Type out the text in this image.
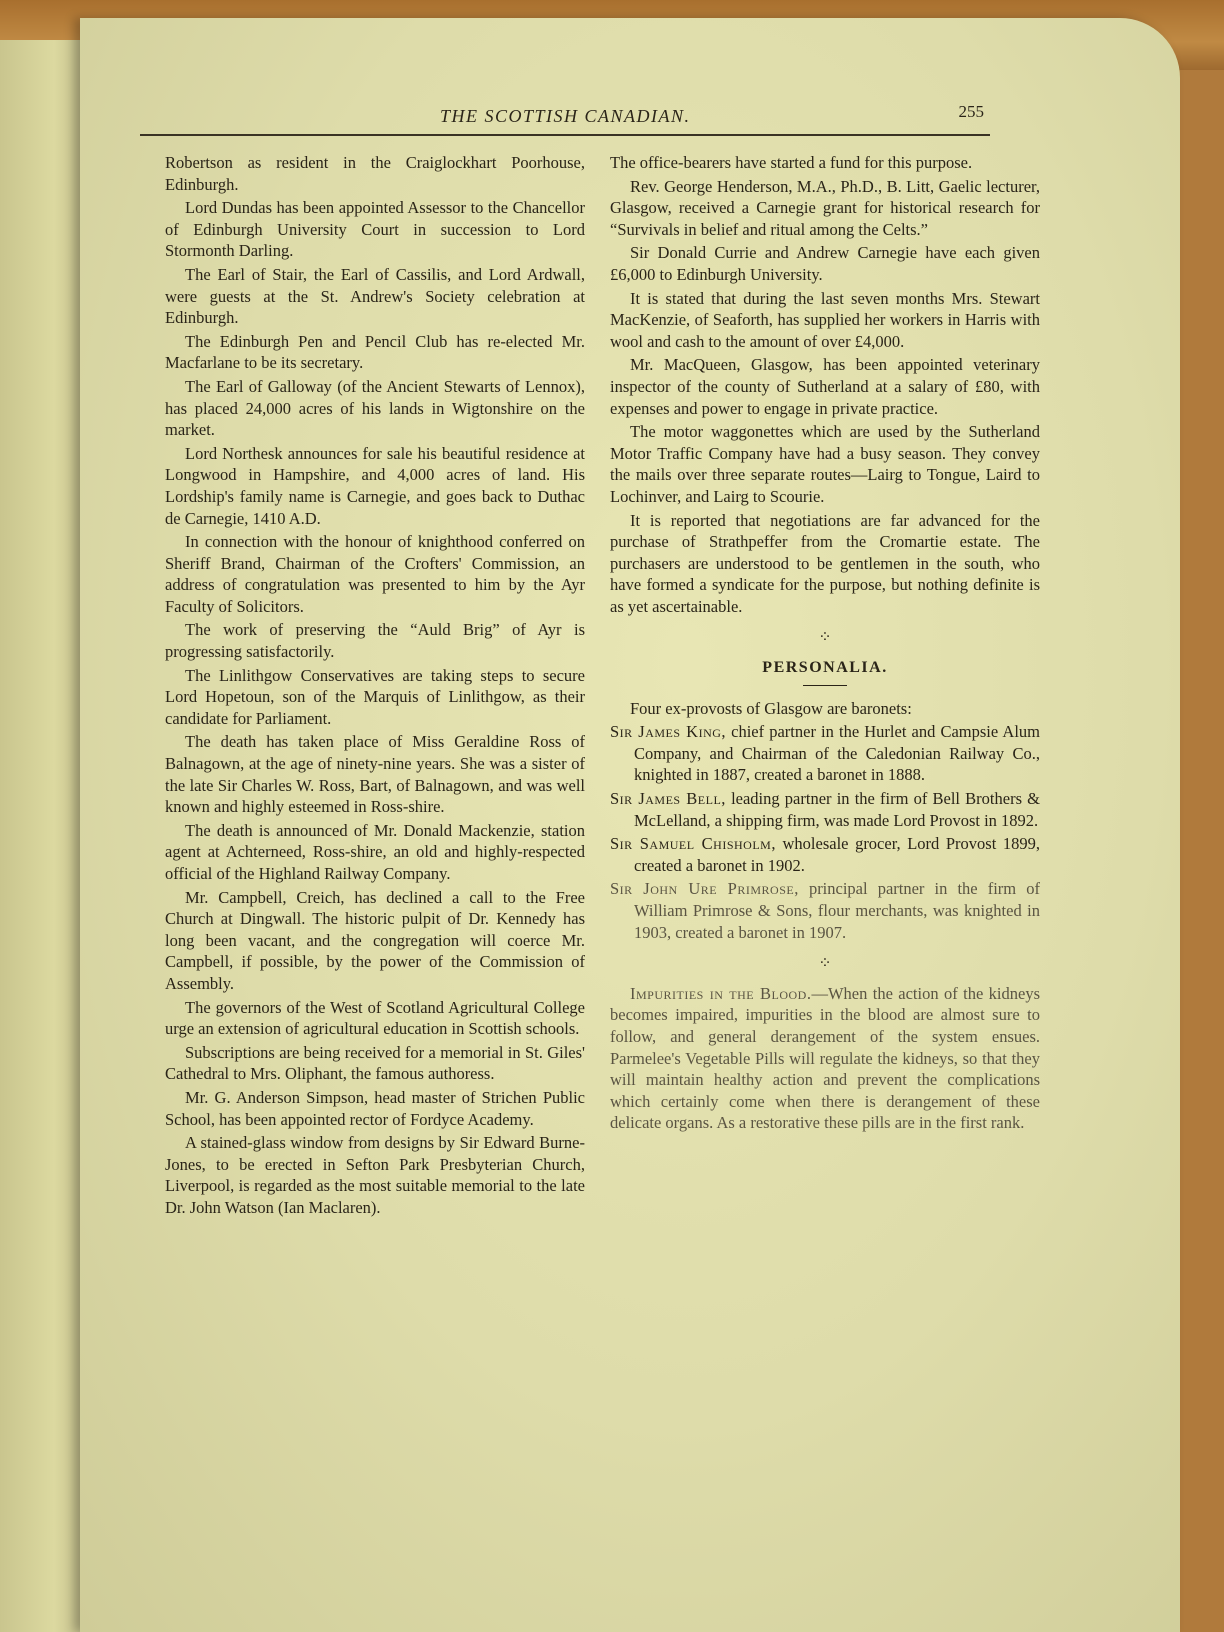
THE SCOTTISH CANADIAN.	255

Robertson as resident in the Craiglockhart Poorhouse, Edinburgh.

Lord Dundas has been appointed Assessor to the Chancellor of Edinburgh University Court in succession to Lord Stormonth Darling.

The Earl of Stair, the Earl of Cassilis, and Lord Ardwall, were guests at the St. Andrew's Society celebration at Edinburgh.

The Edinburgh Pen and Pencil Club has re-elected Mr. Macfarlane to be its secretary.

The Earl of Galloway (of the Ancient Stewarts of Lennox), has placed 24,000 acres of his lands in Wigtonshire on the market.

Lord Northesk announces for sale his beautiful residence at Longwood in Hampshire, and 4,000 acres of land. His Lordship's family name is Carnegie, and goes back to Duthac de Carnegie, 1410 A.D.

In connection with the honour of knighthood conferred on Sheriff Brand, Chairman of the Crofters' Commission, an address of congratulation was presented to him by the Ayr Faculty of Solicitors.

The work of preserving the “Auld Brig” of Ayr is progressing satisfactorily.

The Linlithgow Conservatives are taking steps to secure Lord Hopetoun, son of the Marquis of Linlithgow, as their candidate for Parliament.

The death has taken place of Miss Geraldine Ross of Balnagown, at the age of ninety-nine years. She was a sister of the late Sir Charles W. Ross, Bart, of Balnagown, and was well known and highly esteemed in Ross-shire.

The death is announced of Mr. Donald Mackenzie, station agent at Achterneed, Ross-shire, an old and highly-respected official of the Highland Railway Company.

Mr. Campbell, Creich, has declined a call to the Free Church at Dingwall. The historic pulpit of Dr. Kennedy has long been vacant, and the congregation will coerce Mr. Campbell, if possible, by the power of the Commission of Assembly.

The governors of the West of Scotland Agricultural College urge an extension of agricultural education in Scottish schools.

Subscriptions are being received for a memorial in St. Giles' Cathedral to Mrs. Oliphant, the famous authoress.

Mr. G. Anderson Simpson, head master of Strichen Public School, has been appointed rector of Fordyce Academy.

A stained-glass window from designs by Sir Edward Burne-Jones, to be erected in Sefton Park Presbyterian Church, Liverpool, is regarded as the most suitable memorial to the late Dr. John Watson (Ian Maclaren).

The office-bearers have started a fund for this purpose.

Rev. George Henderson, M.A., Ph.D., B. Litt, Gaelic lecturer, Glasgow, received a Carnegie grant for historical research for “Survivals in belief and ritual among the Celts.”

Sir Donald Currie and Andrew Carnegie have each given £6,000 to Edinburgh University.

It is stated that during the last seven months Mrs. Stewart MacKenzie, of Seaforth, has supplied her workers in Harris with wool and cash to the amount of over £4,000.

Mr. MacQueen, Glasgow, has been appointed veterinary inspector of the county of Sutherland at a salary of £80, with expenses and power to engage in private practice.

The motor waggonettes which are used by the Sutherland Motor Traffic Company have had a busy season. They convey the mails over three separate routes—Lairg to Tongue, Laird to Lochinver, and Lairg to Scourie.

It is reported that negotiations are far advanced for the purchase of Strathpeffer from the Cromartie estate. The purchasers are understood to be gentlemen in the south, who have formed a syndicate for the purpose, but nothing definite is as yet ascertainable.

⁘
PERSONALIA.

Four ex-provosts of Glasgow are baronets:

Sir James King, chief partner in the Hurlet and Campsie Alum Company, and Chairman of the Caledonian Railway Co., knighted in 1887, created a baronet in 1888.

Sir James Bell, leading partner in the firm of Bell Brothers & McLelland, a shipping firm, was made Lord Provost in 1892.

Sir Samuel Chisholm, wholesale grocer, Lord Provost 1899, created a baronet in 1902.

Sir John Ure Primrose, principal partner in the firm of William Primrose & Sons, flour merchants, was knighted in 1903, created a baronet in 1907.

⁘

Impurities in the Blood.—When the action of the kidneys becomes impaired, impurities in the blood are almost sure to follow, and general derangement of the system ensues. Parmelee's Vegetable Pills will regulate the kidneys, so that they will maintain healthy action and prevent the complications which certainly come when there is derangement of these delicate organs. As a restorative these pills are in the first rank.
